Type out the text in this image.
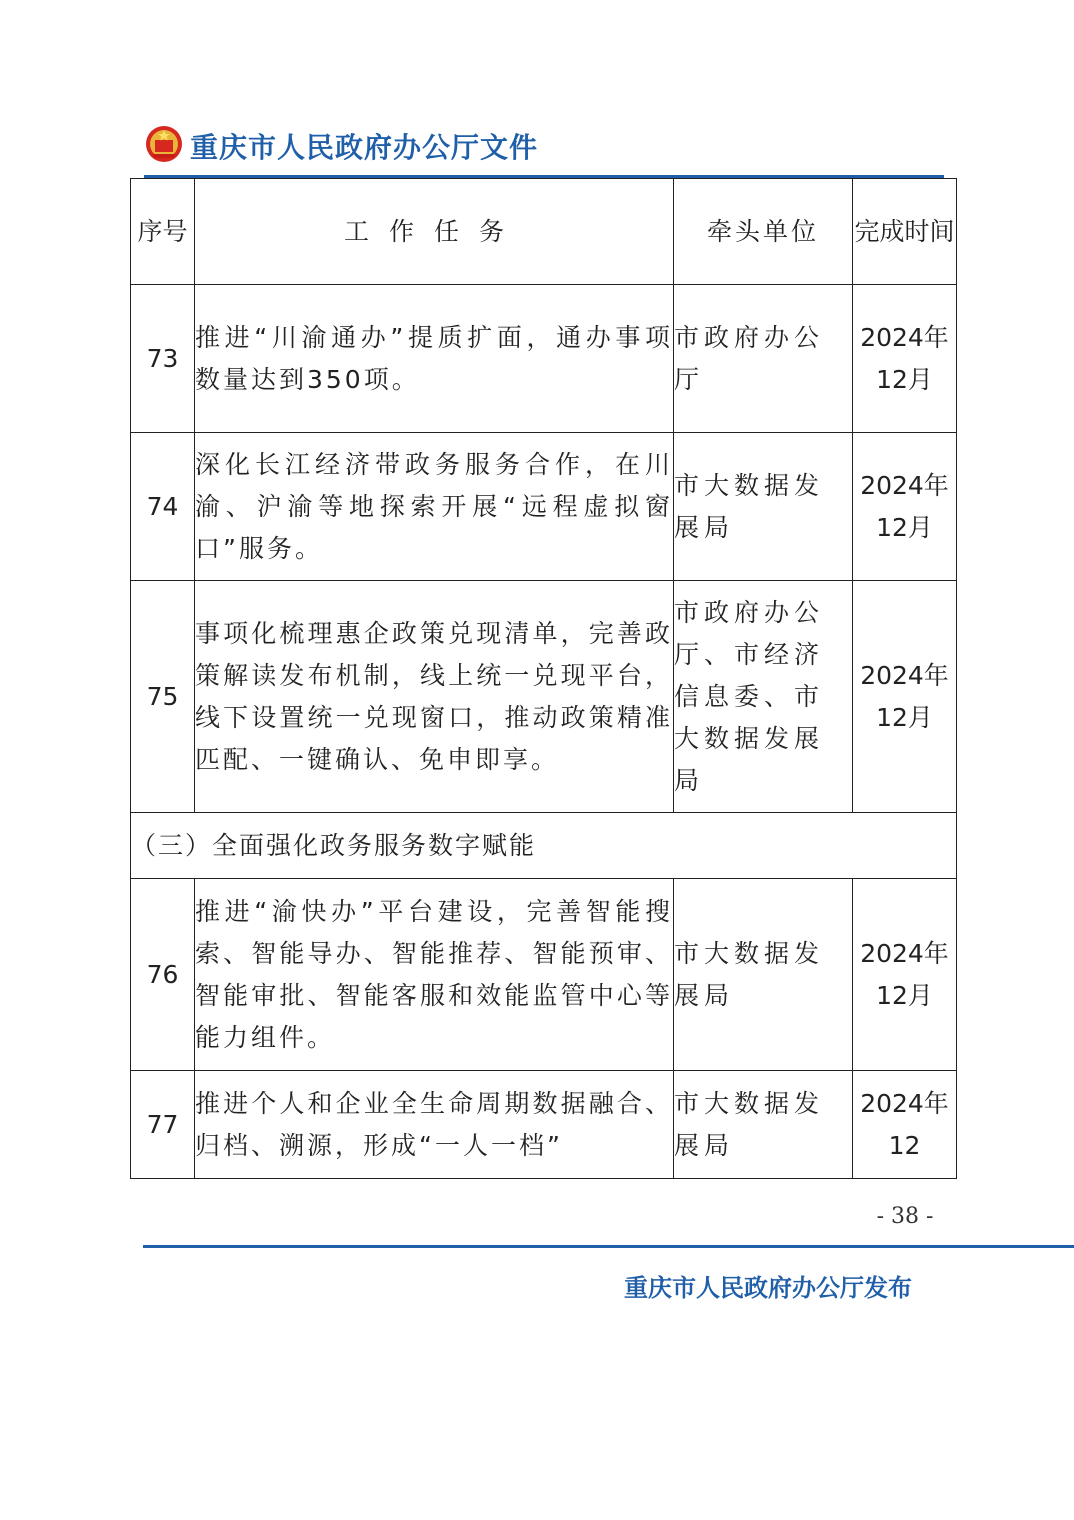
重庆市人民政府办公厅文件
序号	工作任务	牵头单位	完成时间
73	推进“川渝通办”提质扩面，通办事项数量达到350项。	市政府办公厅	2024年12月
74	深化长江经济带政务服务合作，在川渝、沪渝等地探索开展“远程虚拟窗口”服务。	市大数据发展局	2024年12月
75	事项化梳理惠企政策兑现清单，完善政策解读发布机制，线上统一兑现平台，线下设置统一兑现窗口，推动政策精准匹配、一键确认、免申即享。	市政府办公厅、市经济信息委、市大数据发展局	2024年12月
（三）全面强化政务服务数字赋能			
76	推进“渝快办”平台建设，完善智能搜索、智能导办、智能推荐、智能预审、智能审批、智能客服和效能监管中心等能力组件。	市大数据发展局	2024年12月
77	推进个人和企业全生命周期数据融合、归档、溯源，形成“一人一档”	市大数据发展局	2024年12
- 38 -
重庆市人民政府办公厅发布
